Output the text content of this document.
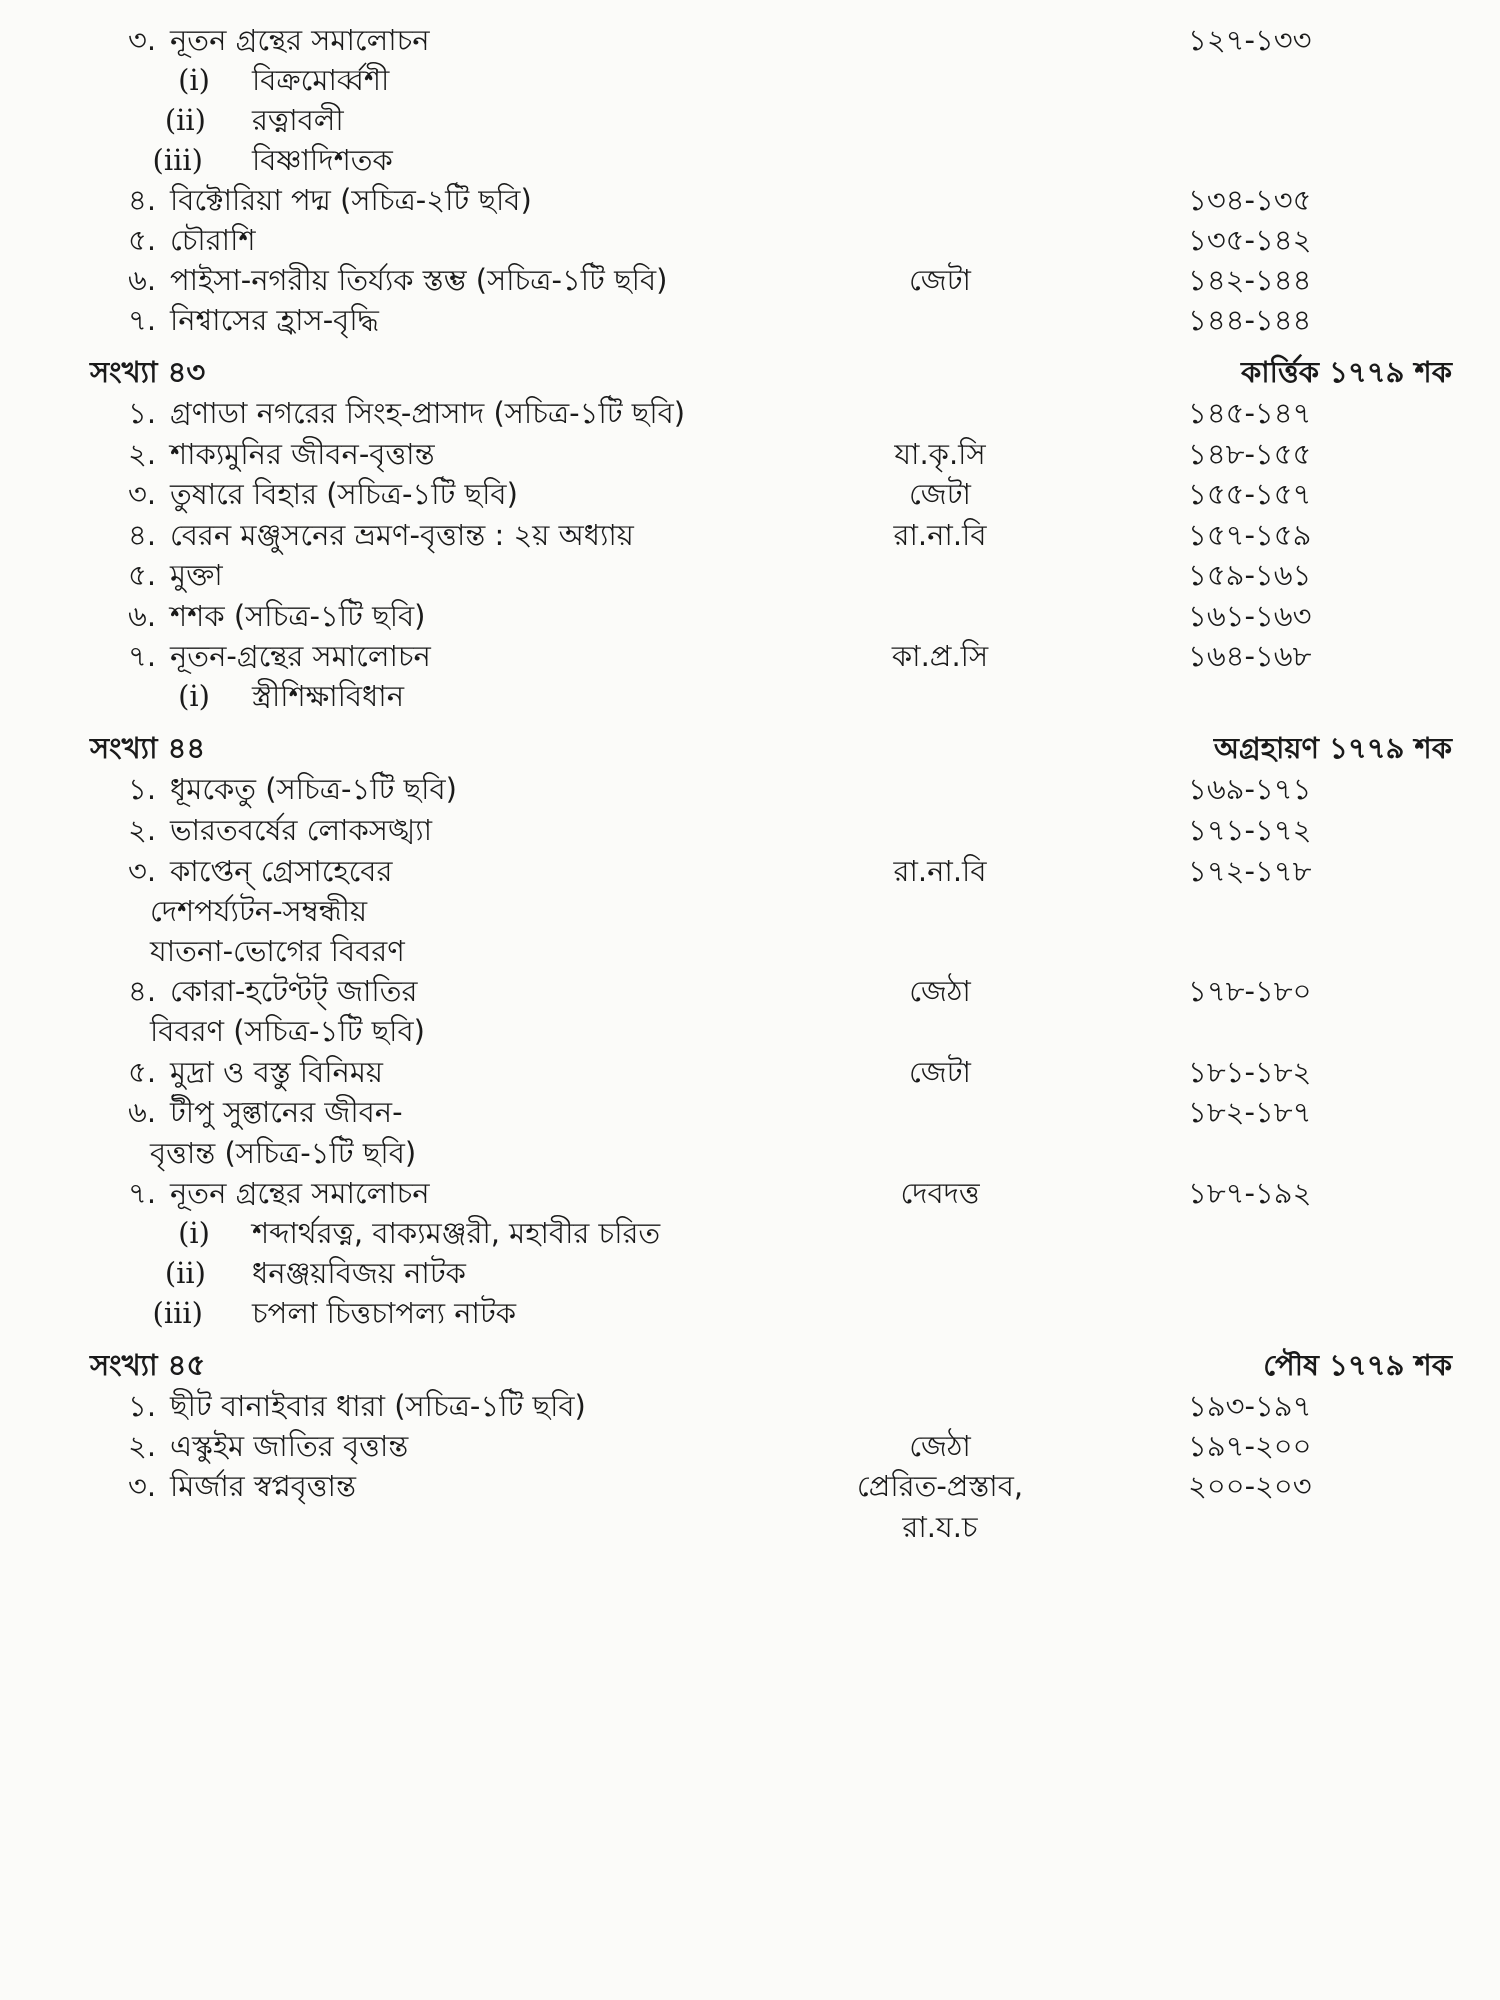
৩. নূতন গ্রন্থের সমালোচন	১২৭-১৩৩
(i) বিক্রমোর্ব্বশী
(ii) রত্নাবলী
(iii) বিষ্ণাদিশতক
৪. বিক্টোরিয়া পদ্ম (সচিত্র-২টি ছবি)	১৩৪-১৩৫
৫. চৌরাশি	১৩৫-১৪২
৬. পাইসা-নগরীয় তির্য্যক স্তম্ভ (সচিত্র-১টি ছবি)	জেটা	১৪২-১৪৪
৭. নিশ্বাসের হ্রাস-বৃদ্ধি	১৪৪-১৪৪
সংখ্যা ৪৩	কার্ত্তিক ১৭৭৯ শক
১. গ্রণাডা নগরের সিংহ-প্রাসাদ (সচিত্র-১টি ছবি)	১৪৫-১৪৭
২. শাক্যমুনির জীবন-বৃত্তান্ত	যা.কৃ.সি	১৪৮-১৫৫
৩. তুষারে বিহার (সচিত্র-১টি ছবি)	জেটা	১৫৫-১৫৭
৪. বেরন মঞ্জুসনের ভ্রমণ-বৃত্তান্ত : ২য় অধ্যায়	রা.না.বি	১৫৭-১৫৯
৫. মুক্তা	১৫৯-১৬১
৬. শশক (সচিত্র-১টি ছবি)	১৬১-১৬৩
৭. নূতন-গ্রন্থের সমালোচন	কা.প্র.সি	১৬৪-১৬৮
(i) স্ত্রীশিক্ষাবিধান
সংখ্যা ৪৪	অগ্রহায়ণ ১৭৭৯ শক
১. ধূমকেতু (সচিত্র-১টি ছবি)	১৬৯-১৭১
২. ভারতবর্ষের লোকসঙ্খ্যা	১৭১-১৭২
৩. কাপ্তেন্ গ্রেসাহেবের	রা.না.বি	১৭২-১৭৮
দেশপর্য্যটন-সম্বন্ধীয়
যাতনা-ভোগের বিবরণ
৪. কোরা-হটেণ্টট্ জাতির	জেঠা	১৭৮-১৮০
বিবরণ (সচিত্র-১টি ছবি)
৫. মুদ্রা ও বস্তু বিনিময়	জেটা	১৮১-১৮২
৬. টীপু সুল্তানের জীবন-	১৮২-১৮৭
বৃত্তান্ত (সচিত্র-১টি ছবি)
৭. নূতন গ্রন্থের সমালোচন	দেবদত্ত	১৮৭-১৯২
(i) শব্দার্থরত্ন, বাক্যমঞ্জরী, মহাবীর চরিত
(ii) ধনঞ্জয়বিজয় নাটক
(iii) চপলা চিত্তচাপল্য নাটক
সংখ্যা ৪৫	পৌষ ১৭৭৯ শক
১. ছীট বানাইবার ধারা (সচিত্র-১টি ছবি)	১৯৩-১৯৭
২. এস্কুইম জাতির বৃত্তান্ত	জেঠা	১৯৭-২০০
৩. মির্জার স্বপ্নবৃত্তান্ত	প্রেরিত-প্রস্তাব,	২০০-২০৩
রা.য.চ
